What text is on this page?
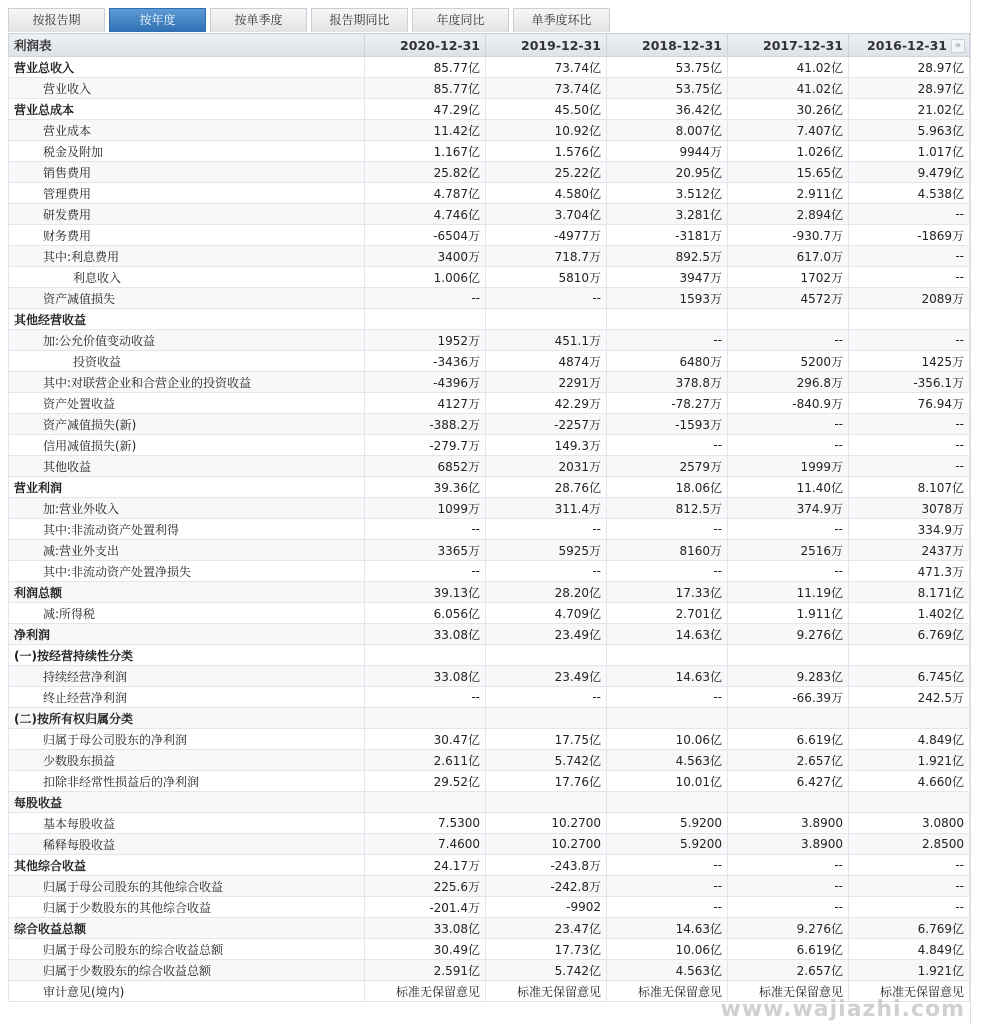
按报告期	按年度	按单季度	报告期同比	年度同比	单季度环比
利润表	2020-12-31	2019-12-31	2018-12-31	2017-12-31	2016-12-31 »

营业总收入	85.77亿	73.74亿	53.75亿	41.02亿	28.97亿
营业收入	85.77亿	73.74亿	53.75亿	41.02亿	28.97亿
营业总成本	47.29亿	45.50亿	36.42亿	30.26亿	21.02亿
营业成本	11.42亿	10.92亿	8.007亿	7.407亿	5.963亿
税金及附加	1.167亿	1.576亿	9944万	1.026亿	1.017亿
销售费用	25.82亿	25.22亿	20.95亿	15.65亿	9.479亿
管理费用	4.787亿	4.580亿	3.512亿	2.911亿	4.538亿
研发费用	4.746亿	3.704亿	3.281亿	2.894亿	--
财务费用	-6504万	-4977万	-3181万	-930.7万	-1869万
其中:利息费用	3400万	718.7万	892.5万	617.0万	--
利息收入	1.006亿	5810万	3947万	1702万	--
资产减值损失	--	--	1593万	4572万	2089万
其他经营收益					
加:公允价值变动收益	1952万	451.1万	--	--	--
投资收益	-3436万	4874万	6480万	5200万	1425万
其中:对联营企业和合营企业的投资收益	-4396万	2291万	378.8万	296.8万	-356.1万
资产处置收益	4127万	42.29万	-78.27万	-840.9万	76.94万
资产减值损失(新)	-388.2万	-2257万	-1593万	--	--
信用减值损失(新)	-279.7万	149.3万	--	--	--
其他收益	6852万	2031万	2579万	1999万	--
营业利润	39.36亿	28.76亿	18.06亿	11.40亿	8.107亿
加:营业外收入	1099万	311.4万	812.5万	374.9万	3078万
其中:非流动资产处置利得	--	--	--	--	334.9万
减:营业外支出	3365万	5925万	8160万	2516万	2437万
其中:非流动资产处置净损失	--	--	--	--	471.3万
利润总额	39.13亿	28.20亿	17.33亿	11.19亿	8.171亿
减:所得税	6.056亿	4.709亿	2.701亿	1.911亿	1.402亿
净利润	33.08亿	23.49亿	14.63亿	9.276亿	6.769亿
(一)按经营持续性分类					
持续经营净利润	33.08亿	23.49亿	14.63亿	9.283亿	6.745亿
终止经营净利润	--	--	--	-66.39万	242.5万
(二)按所有权归属分类					
归属于母公司股东的净利润	30.47亿	17.75亿	10.06亿	6.619亿	4.849亿
少数股东损益	2.611亿	5.742亿	4.563亿	2.657亿	1.921亿
扣除非经常性损益后的净利润	29.52亿	17.76亿	10.01亿	6.427亿	4.660亿
每股收益					
基本每股收益	7.5300	10.2700	5.9200	3.8900	3.0800
稀释每股收益	7.4600	10.2700	5.9200	3.8900	2.8500
其他综合收益	24.17万	-243.8万	--	--	--
归属于母公司股东的其他综合收益	225.6万	-242.8万	--	--	--
归属于少数股东的其他综合收益	-201.4万	-9902	--	--	--
综合收益总额	33.08亿	23.47亿	14.63亿	9.276亿	6.769亿
归属于母公司股东的综合收益总额	30.49亿	17.73亿	10.06亿	6.619亿	4.849亿
归属于少数股东的综合收益总额	2.591亿	5.742亿	4.563亿	2.657亿	1.921亿
审计意见(境内)	标准无保留意见	标准无保留意见	标准无保留意见	标准无保留意见	标准无保留意见
www.wajiazhi.com
